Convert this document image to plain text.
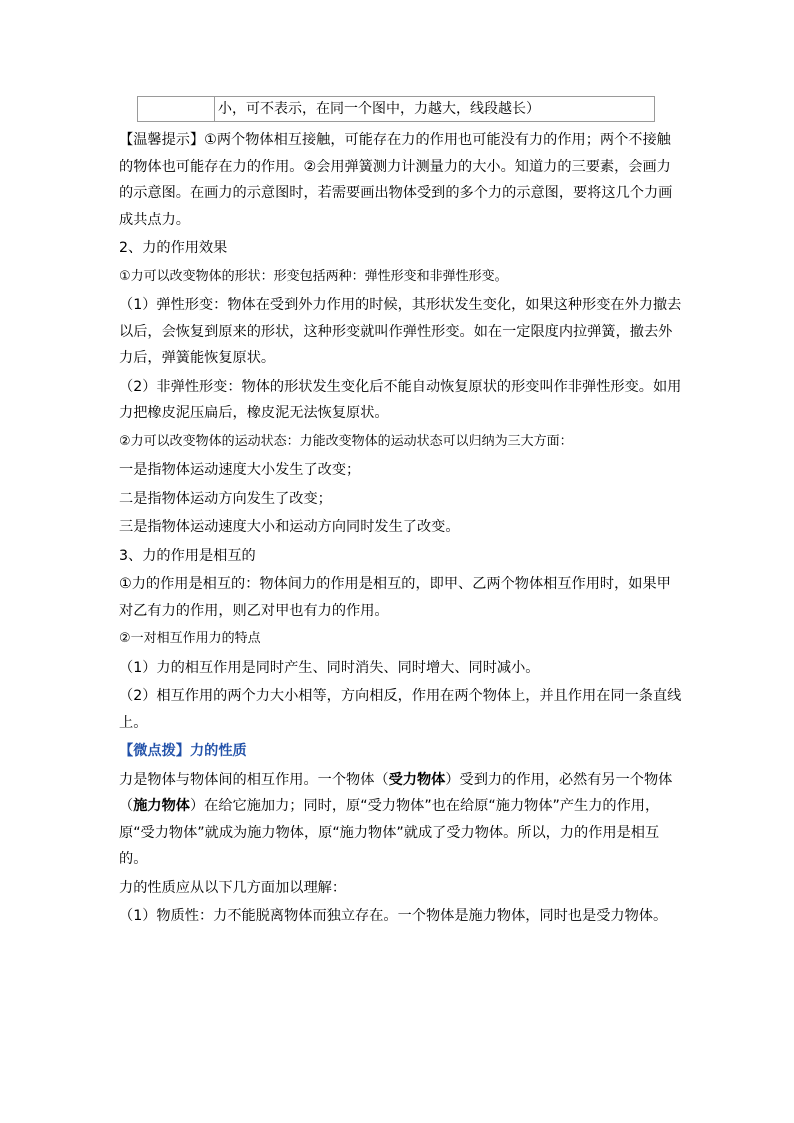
小，可不表示，在同一个图中，力越大，线段越长）

【温馨提示】①两个物体相互接触，可能存在力的作用也可能没有力的作用；两个不接触的物体也可能存在力的作用。②会用弹簧测力计测量力的大小。知道力的三要素，会画力的示意图。在画力的示意图时，若需要画出物体受到的多个力的示意图，要将这几个力画成共点力。

2、力的作用效果

①力可以改变物体的形状：形变包括两种：弹性形变和非弹性形变。

（1）弹性形变：物体在受到外力作用的时候，其形状发生变化，如果这种形变在外力撤去以后，会恢复到原来的形状，这种形变就叫作弹性形变。如在一定限度内拉弹簧，撤去外力后，弹簧能恢复原状。

（2）非弹性形变：物体的形状发生变化后不能自动恢复原状的形变叫作非弹性形变。如用力把橡皮泥压扁后，橡皮泥无法恢复原状。

②力可以改变物体的运动状态：力能改变物体的运动状态可以归纳为三大方面：

一是指物体运动速度大小发生了改变；

二是指物体运动方向发生了改变；

三是指物体运动速度大小和运动方向同时发生了改变。

3、力的作用是相互的

①力的作用是相互的：物体间力的作用是相互的，即甲、乙两个物体相互作用时，如果甲对乙有力的作用，则乙对甲也有力的作用。

②一对相互作用力的特点

（1）力的相互作用是同时产生、同时消失、同时增大、同时减小。

（2）相互作用的两个力大小相等，方向相反，作用在两个物体上，并且作用在同一条直线上。

【微点拨】力的性质

力是物体与物体间的相互作用。一个物体（受力物体）受到力的作用，必然有另一个物体（施力物体）在给它施加力；同时，原“受力物体”也在给原“施力物体”产生力的作用，原“受力物体”就成为施力物体，原“施力物体”就成了受力物体。所以，力的作用是相互的。

力的性质应从以下几方面加以理解：

（1）物质性：力不能脱离物体而独立存在。一个物体是施力物体，同时也是受力物体。
